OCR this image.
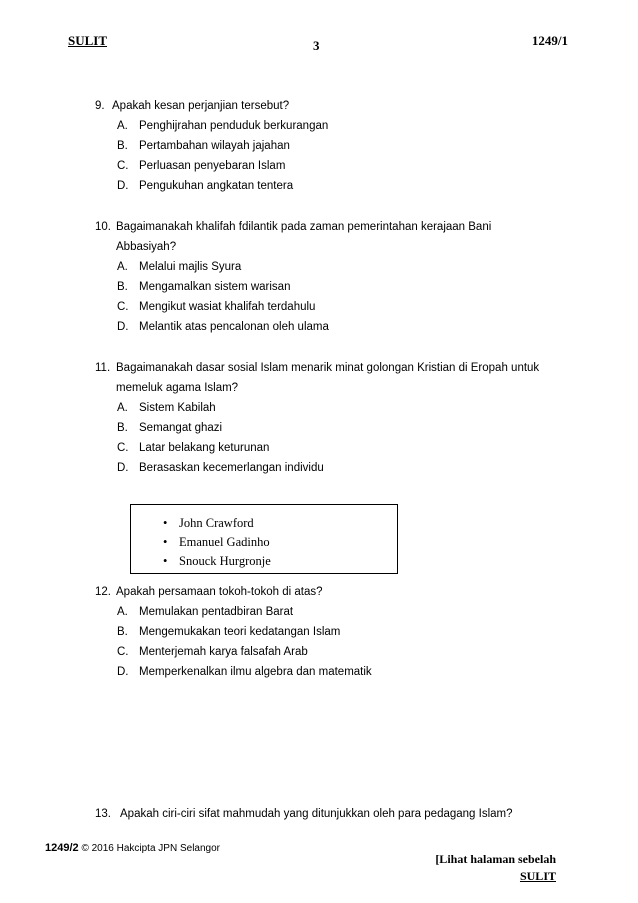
SULIT	3	1249/1
9. Apakah kesan perjanjian tersebut?
A. Penghijrahan penduduk berkurangan
B. Pertambahan wilayah jajahan
C. Perluasan penyebaran Islam
D. Pengukuhan angkatan tentera
10. Bagaimanakah khalifah fdilantik pada zaman pemerintahan kerajaan Bani
Abbasiyah?
A. Melalui majlis Syura
B. Mengamalkan sistem warisan
C. Mengikut wasiat khalifah terdahulu
D. Melantik atas pencalonan oleh ulama
11. Bagaimanakah dasar sosial Islam menarik minat golongan Kristian di Eropah untuk
memeluk agama Islam?
A. Sistem Kabilah
B. Semangat ghazi
C. Latar belakang keturunan
D. Berasaskan kecemerlangan individu
• John Crawford
• Emanuel Gadinho
• Snouck Hurgronje
12. Apakah persamaan tokoh-tokoh di atas?
A. Memulakan pentadbiran Barat
B. Mengemukakan teori kedatangan Islam
C. Menterjemah karya falsafah Arab
D. Memperkenalkan ilmu algebra dan matematik
13. Apakah ciri-ciri sifat mahmudah yang ditunjukkan oleh para pedagang Islam?
1249/2 © 2016 Hakcipta JPN Selangor
[Lihat halaman sebelah
SULIT
